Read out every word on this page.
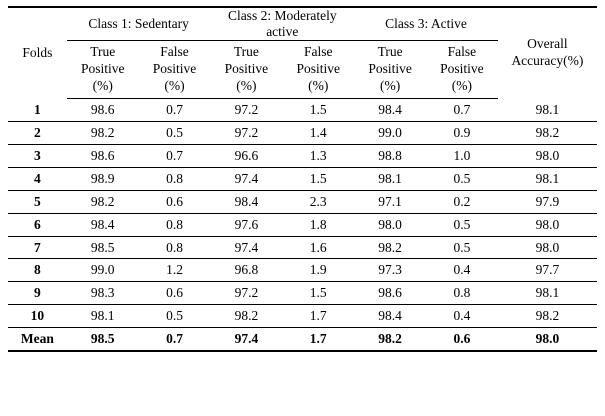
Folds	Class 1: Sedentary		Class 2: Moderately active		Class 3: Active		Overall
Accuracy(%)

	True
Positive
(%)	False
Positive
(%)	True
Positive
(%)	False
Positive
(%)	True
Positive
(%)	False
Positive
(%)	

1	98.6	0.7	97.2	1.5	98.4	0.7	98.1
2	98.2	0.5	97.2	1.4	99.0	0.9	98.2
3	98.6	0.7	96.6	1.3	98.8	1.0	98.0
4	98.9	0.8	97.4	1.5	98.1	0.5	98.1
5	98.2	0.6	98.4	2.3	97.1	0.2	97.9
6	98.4	0.8	97.6	1.8	98.0	0.5	98.0
7	98.5	0.8	97.4	1.6	98.2	0.5	98.0
8	99.0	1.2	96.8	1.9	97.3	0.4	97.7
9	98.3	0.6	97.2	1.5	98.6	0.8	98.1
10	98.1	0.5	98.2	1.7	98.4	0.4	98.2
Mean	98.5	0.7	97.4	1.7	98.2	0.6	98.0
